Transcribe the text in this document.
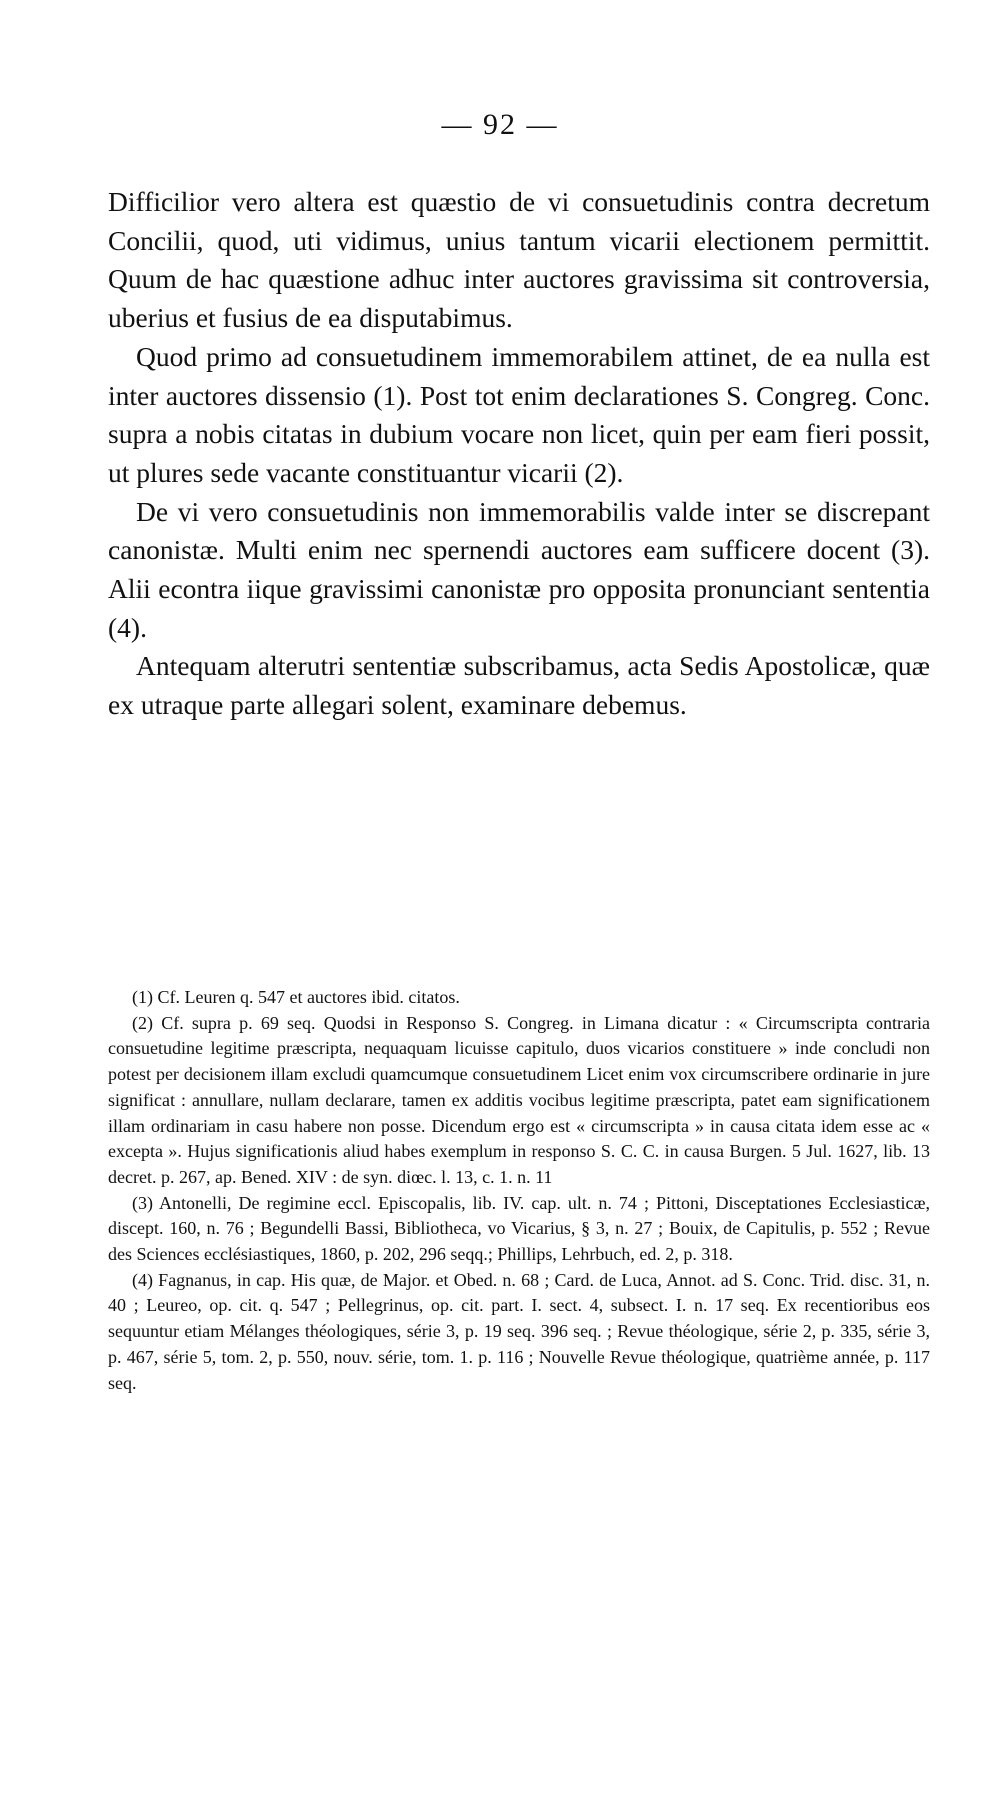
— 92 —

Difficilior vero altera est quæstio de vi consuetudinis contra decretum Concilii, quod, uti vidimus, unius tantum vicarii electionem permittit. Quum de hac quæstione adhuc inter auctores gravissima sit controversia, uberius et fusius de ea disputabimus.

Quod primo ad consuetudinem immemorabilem attinet, de ea nulla est inter auctores dissensio (1). Post tot enim declarationes S. Congreg. Conc. supra a nobis citatas in dubium vocare non licet, quin per eam fieri possit, ut plures sede vacante constituantur vicarii (2).

De vi vero consuetudinis non immemorabilis valde inter se discrepant canonistæ. Multi enim nec spernendi auctores eam sufficere docent (3). Alii econtra iique gravissimi canonistæ pro opposita pronunciant sententia (4).

Antequam alterutri sententiæ subscribamus, acta Sedis Apostolicæ, quæ ex utraque parte allegari solent, examinare debemus.

(1) Cf. Leuren q. 547 et auctores ibid. citatos.

(2) Cf. supra p. 69 seq. Quodsi in Responso S. Congreg. in Limana dicatur : « Circumscripta contraria consuetudine legitime præscripta, nequaquam licuisse capitulo, duos vicarios constituere » inde concludi non potest per decisionem illam excludi quamcumque consuetudinem Licet enim vox circumscribere ordinarie in jure significat : annullare, nullam declarare, tamen ex additis vocibus legitime præscripta, patet eam significationem illam ordinariam in casu habere non posse. Dicendum ergo est « circumscripta » in causa citata idem esse ac « excepta ». Hujus significationis aliud habes exemplum in responso S. C. C. in causa Burgen. 5 Jul. 1627, lib. 13 decret. p. 267, ap. Bened. XIV : de syn. diœc. l. 13, c. 1. n. 11

(3) Antonelli, De regimine eccl. Episcopalis, lib. IV. cap. ult. n. 74 ; Pittoni, Disceptationes Ecclesiasticæ, discept. 160, n. 76 ; Begundelli Bassi, Bibliotheca, vo Vicarius, § 3, n. 27 ; Bouix, de Capitulis, p. 552 ; Revue des Sciences ecclésiastiques, 1860, p. 202, 296 seqq.; Phillips, Lehrbuch, ed. 2, p. 318.

(4) Fagnanus, in cap. His quæ, de Major. et Obed. n. 68 ; Card. de Luca, Annot. ad S. Conc. Trid. disc. 31, n. 40 ; Leureo, op. cit. q. 547 ; Pellegrinus, op. cit. part. I. sect. 4, subsect. I. n. 17 seq. Ex recentioribus eos sequuntur etiam Mélanges théologiques, série 3, p. 19 seq. 396 seq. ; Revue théologique, série 2, p. 335, série 3, p. 467, série 5, tom. 2, p. 550, nouv. série, tom. 1. p. 116 ; Nouvelle Revue théologique, quatrième année, p. 117 seq.
